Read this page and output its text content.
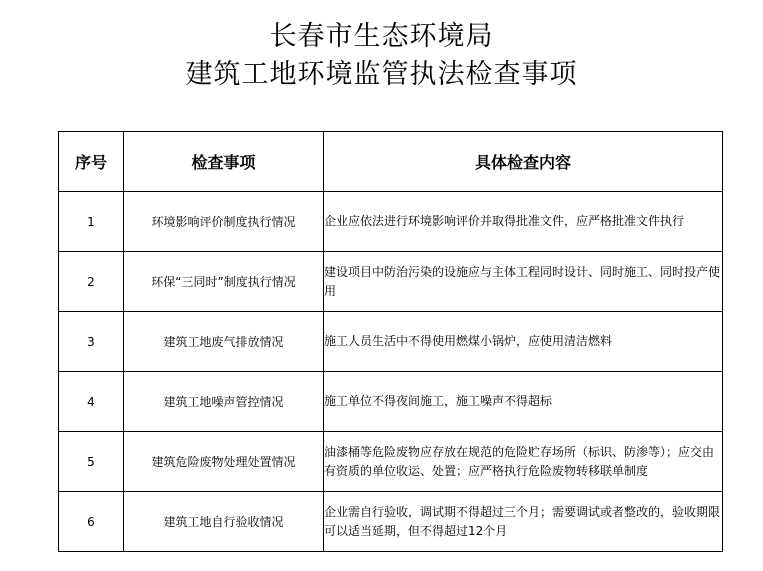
长春市生态环境局
建筑工地环境监管执法检查事项
序号	检查事项	具体检查内容
1	环境影响评价制度执行情况	企业应依法进行环境影响评价并取得批准文件，应严格批准文件执行
2	环保“三同时”制度执行情况	建设项目中防治污染的设施应与主体工程同时设计、同时施工、同时投产使用
3	建筑工地废气排放情况	施工人员生活中不得使用燃煤小锅炉，应使用清洁燃料
4	建筑工地噪声管控情况	施工单位不得夜间施工，施工噪声不得超标
5	建筑危险废物处理处置情况	油漆桶等危险废物应存放在规范的危险贮存场所（标识、防渗等）；应交由有资质的单位收运、处置；应严格执行危险废物转移联单制度
6	建筑工地自行验收情况	企业需自行验收，调试期不得超过三个月；需要调试或者整改的，验收期限可以适当延期，但不得超过12个月
